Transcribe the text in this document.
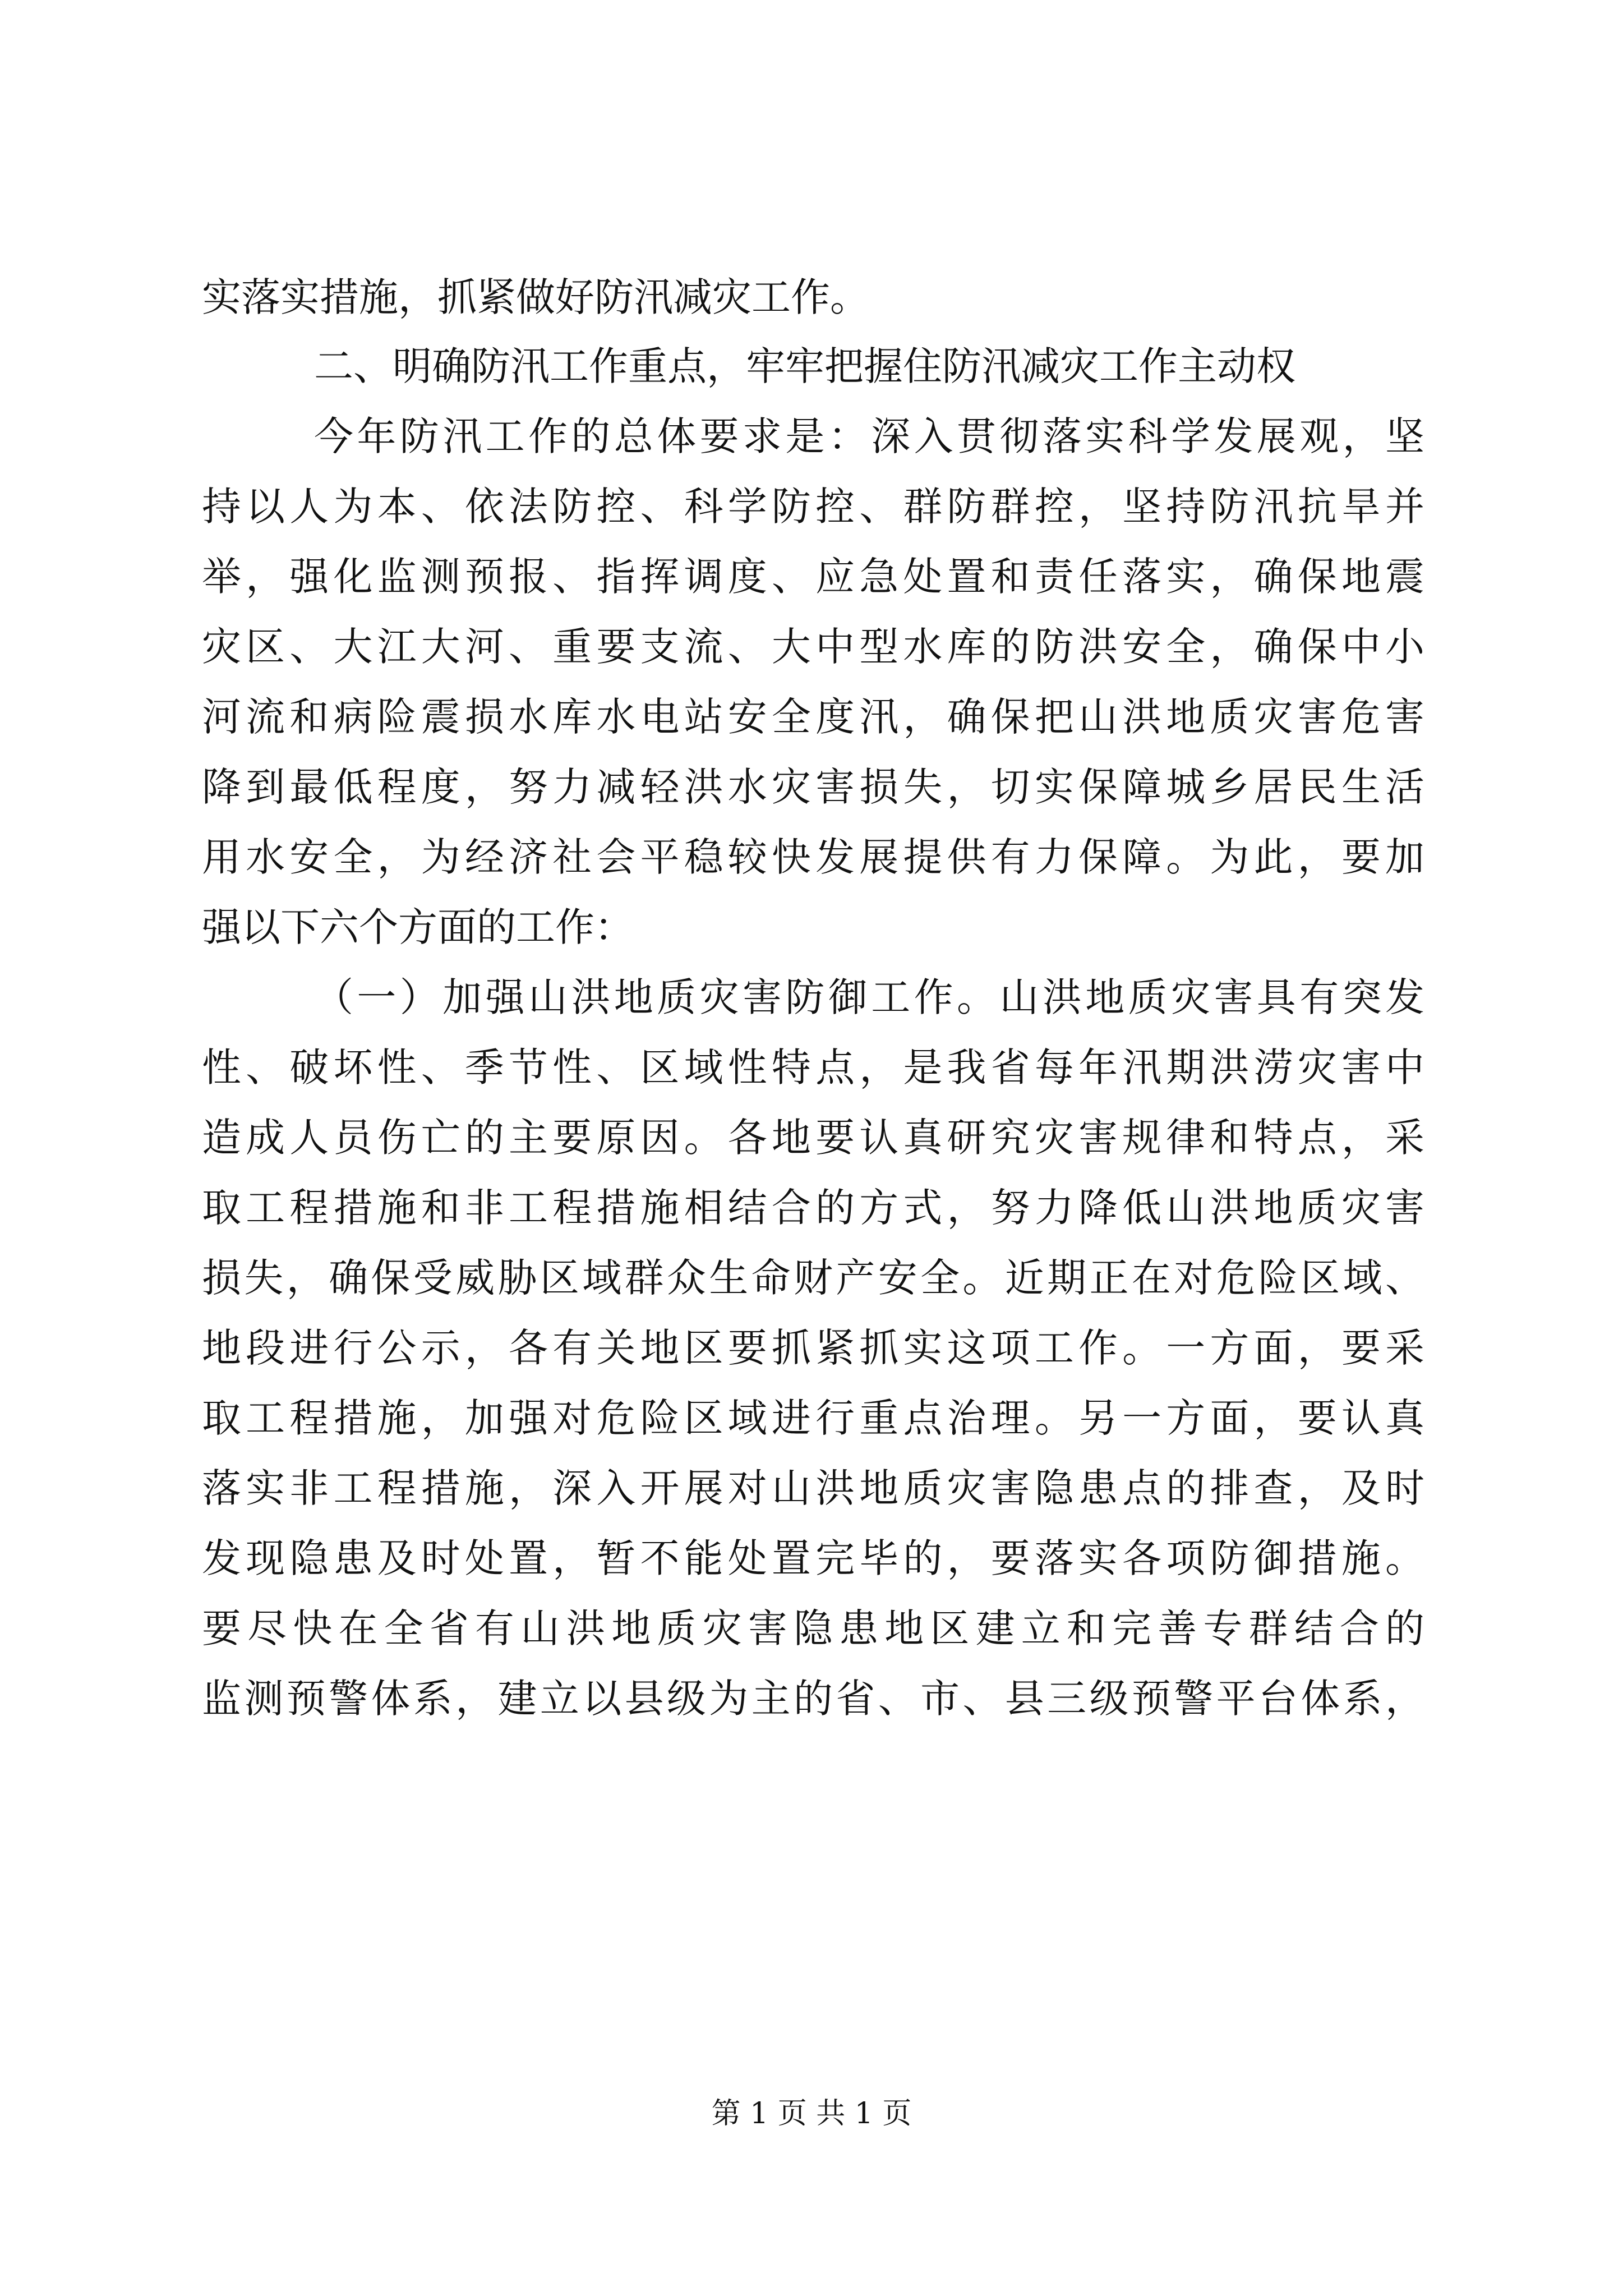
实落实措施，抓紧做好防汛减灾工作。
二、明确防汛工作重点，牢牢把握住防汛减灾工作主动权
今年防汛工作的总体要求是：深入贯彻落实科学发展观，坚
持以人为本、依法防控、科学防控、群防群控，坚持防汛抗旱并
举，强化监测预报、指挥调度、应急处置和责任落实，确保地震
灾区、大江大河、重要支流、大中型水库的防洪安全，确保中小
河流和病险震损水库水电站安全度汛，确保把山洪地质灾害危害
降到最低程度，努力减轻洪水灾害损失，切实保障城乡居民生活
用水安全，为经济社会平稳较快发展提供有力保障。为此，要加
强以下六个方面的工作：
（一）加强山洪地质灾害防御工作。山洪地质灾害具有突发
性、破坏性、季节性、区域性特点，是我省每年汛期洪涝灾害中
造成人员伤亡的主要原因。各地要认真研究灾害规律和特点，采
取工程措施和非工程措施相结合的方式，努力降低山洪地质灾害
损失，确保受威胁区域群众生命财产安全。近期正在对危险区域、
地段进行公示，各有关地区要抓紧抓实这项工作。一方面，要采
取工程措施，加强对危险区域进行重点治理。另一方面，要认真
落实非工程措施，深入开展对山洪地质灾害隐患点的排查，及时
发现隐患及时处置，暂不能处置完毕的，要落实各项防御措施。
要尽快在全省有山洪地质灾害隐患地区建立和完善专群结合的
监测预警体系，建立以县级为主的省、市、县三级预警平台体系，
第 1 页 共 1 页
